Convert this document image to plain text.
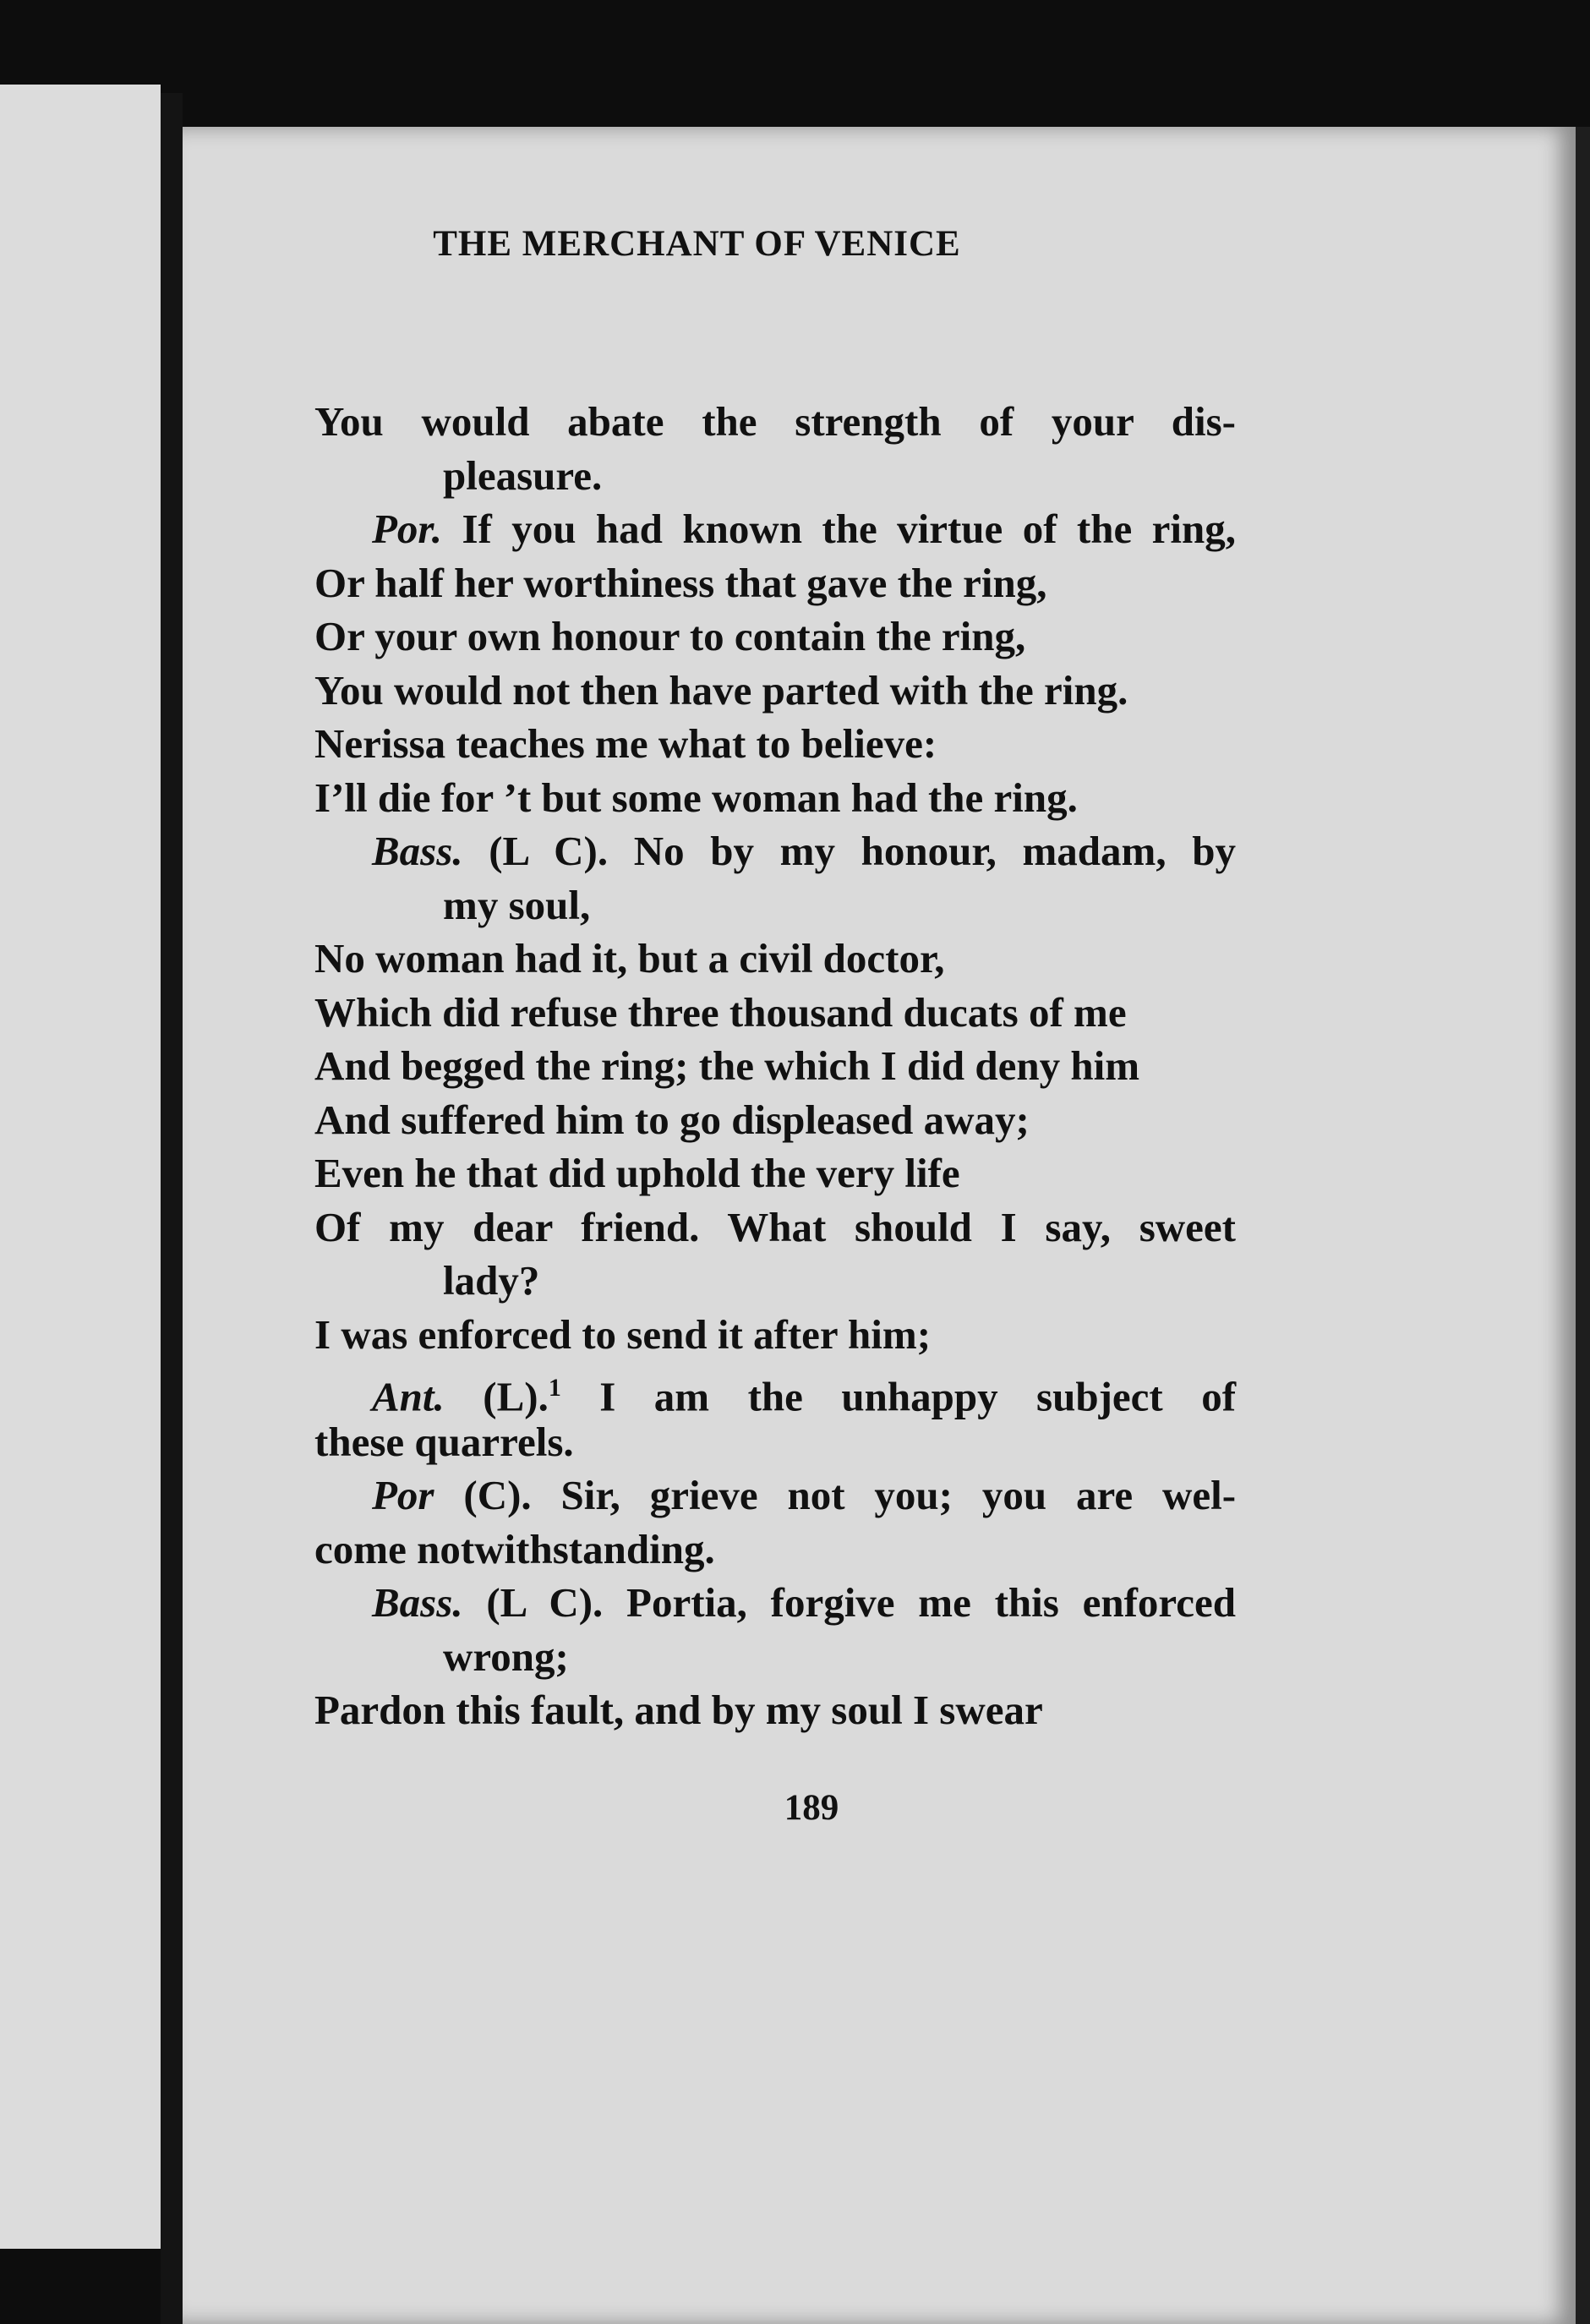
THE MERCHANT OF VENICE
You would abate the strength of your dis-
pleasure.
Por. If you had known the virtue of the ring,
Or half her worthiness that gave the ring,
Or your own honour to contain the ring,
You would not then have parted with the ring.
Nerissa teaches me what to believe:
I’ll die for ’t but some woman had the ring.
Bass. (L C). No by my honour, madam, by
my soul,
No woman had it, but a civil doctor,
Which did refuse three thousand ducats of me
And begged the ring; the which I did deny him
And suffered him to go displeased away;
Even he that did uphold the very life
Of my dear friend. What should I say, sweet
lady?
I was enforced to send it after him;
Ant. (L).$^1$ I am the unhappy subject of
these quarrels.
Por (C). Sir, grieve not you; you are wel-
come notwithstanding.
Bass. (L C). Portia, forgive me this enforced
wrong;
Pardon this fault, and by my soul I swear
189
